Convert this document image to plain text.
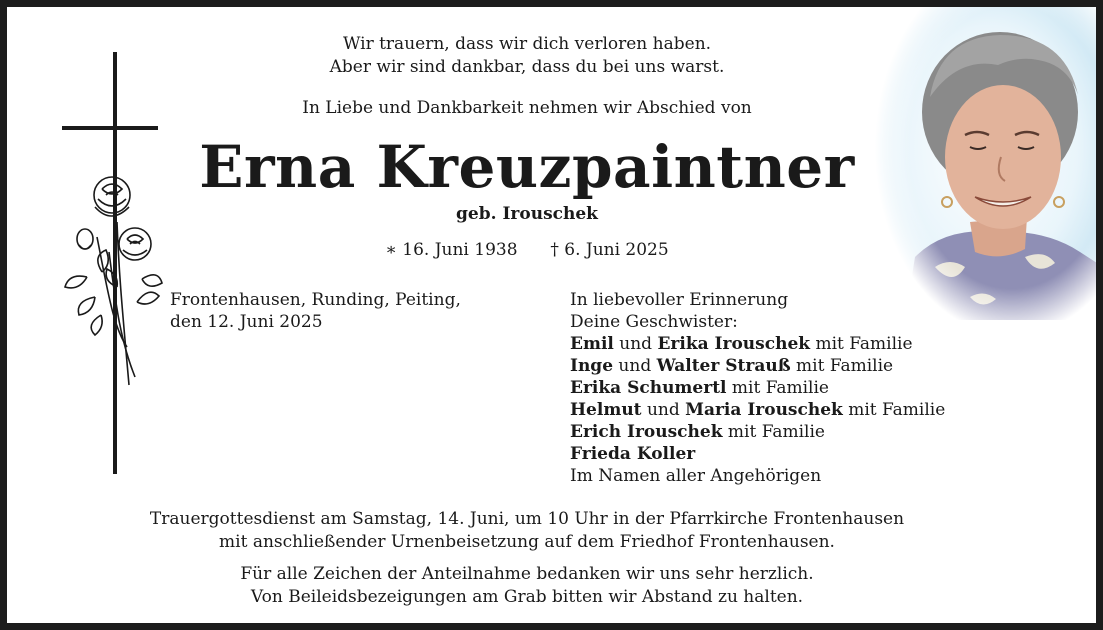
Wir trauern, dass wir dich verloren haben.
Aber wir sind dankbar, dass du bei uns warst.
In Liebe und Dankbarkeit nehmen wir Abschied von
Erna Kreuzpaintner
geb. Irouschek
∗ 16. Juni 1938 † 6. Juni 2025
Frontenhausen, Runding, Peiting,
den 12. Juni 2025
In liebevoller Erinnerung
Deine Geschwister:
Emil und Erika Irouschek mit Familie
Inge und Walter Strauß mit Familie
Erika Schumertl mit Familie
Helmut und Maria Irouschek mit Familie
Erich Irouschek mit Familie
Frieda Koller
Im Namen aller Angehörigen
Trauergottesdienst am Samstag, 14. Juni, um 10 Uhr in der Pfarrkirche Frontenhausen
mit anschließender Urnenbeisetzung auf dem Friedhof Frontenhausen.
Für alle Zeichen der Anteilnahme bedanken wir uns sehr herzlich.
Von Beileidsbezeigungen am Grab bitten wir Abstand zu halten.
